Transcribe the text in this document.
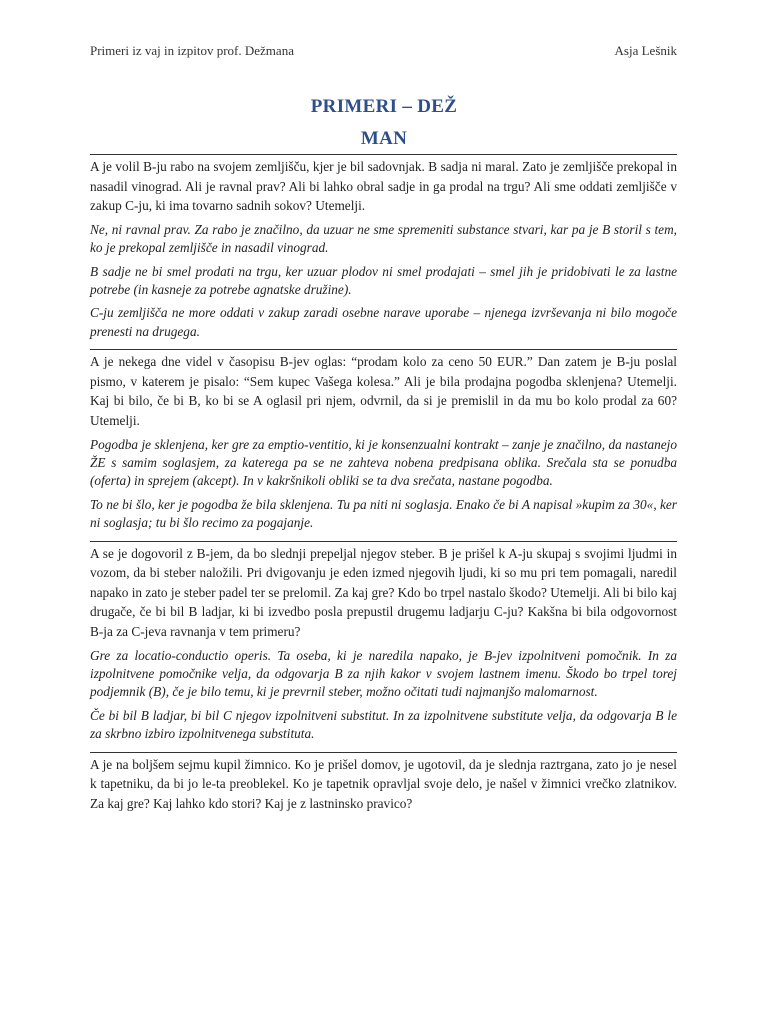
Primeri iz vaj in izpitov prof. Dežmana	Asja Lešnik
PRIMERI – DEŽ
MAN

A je volil B-ju rabo na svojem zemljišču, kjer je bil sadovnjak. B sadja ni maral. Zato je zemljišče prekopal in nasadil vinograd. Ali je ravnal prav? Ali bi lahko obral sadje in ga prodal na trgu? Ali sme oddati zemljišče v zakup C-ju, ki ima tovarno sadnih sokov? Utemelji.

Ne, ni ravnal prav. Za rabo je značilno, da uzuar ne sme spremeniti substance stvari, kar pa je B storil s tem, ko je prekopal zemljišče in nasadil vinograd.

B sadje ne bi smel prodati na trgu, ker uzuar plodov ni smel prodajati – smel jih je pridobivati le za lastne potrebe (in kasneje za potrebe agnatske družine).

C-ju zemljišča ne more oddati v zakup zaradi osebne narave uporabe – njenega izvrševanja ni bilo mogoče prenesti na drugega.

A je nekega dne videl v časopisu B-jev oglas: “prodam kolo za ceno 50 EUR.” Dan zatem je B-ju poslal pismo, v katerem je pisalo: “Sem kupec Vašega kolesa.” Ali je bila prodajna pogodba sklenjena? Utemelji. Kaj bi bilo, če bi B, ko bi se A oglasil pri njem, odvrnil, da si je premislil in da mu bo kolo prodal za 60? Utemelji.

Pogodba je sklenjena, ker gre za emptio-ventitio, ki je konsenzualni kontrakt – zanje je značilno, da nastanejo ŽE s samim soglasjem, za katerega pa se ne zahteva nobena predpisana oblika. Srečala sta se ponudba (oferta) in sprejem (akcept). In v kakršnikoli obliki se ta dva srečata, nastane pogodba.

To ne bi šlo, ker je pogodba že bila sklenjena. Tu pa niti ni soglasja. Enako če bi A napisal »kupim za 30«, ker ni soglasja; tu bi šlo recimo za pogajanje.

A se je dogovoril z B-jem, da bo slednji prepeljal njegov steber. B je prišel k A-ju skupaj s svojimi ljudmi in vozom, da bi steber naložili. Pri dvigovanju je eden izmed njegovih ljudi, ki so mu pri tem pomagali, naredil napako in zato je steber padel ter se prelomil. Za kaj gre? Kdo bo trpel nastalo škodo? Utemelji. Ali bi bilo kaj drugače, če bi bil B ladjar, ki bi izvedbo posla prepustil drugemu ladjarju C-ju? Kakšna bi bila odgovornost B-ja za C-jeva ravnanja v tem primeru?

Gre za locatio-conductio operis. Ta oseba, ki je naredila napako, je B-jev izpolnitveni pomočnik. In za izpolnitvene pomočnike velja, da odgovarja B za njih kakor v svojem lastnem imenu. Škodo bo trpel torej podjemnik (B), če je bilo temu, ki je prevrnil steber, možno očitati tudi najmanjšo malomarnost.

Če bi bil B ladjar, bi bil C njegov izpolnitveni substitut. In za izpolnitvene substitute velja, da odgovarja B le za skrbno izbiro izpolnitvenega substituta.

A je na boljšem sejmu kupil žimnico. Ko je prišel domov, je ugotovil, da je slednja raztrgana, zato jo je nesel k tapetniku, da bi jo le-ta preoblekel. Ko je tapetnik opravljal svoje delo, je našel v žimnici vrečko zlatnikov. Za kaj gre? Kaj lahko kdo stori? Kaj je z lastninsko pravico?
